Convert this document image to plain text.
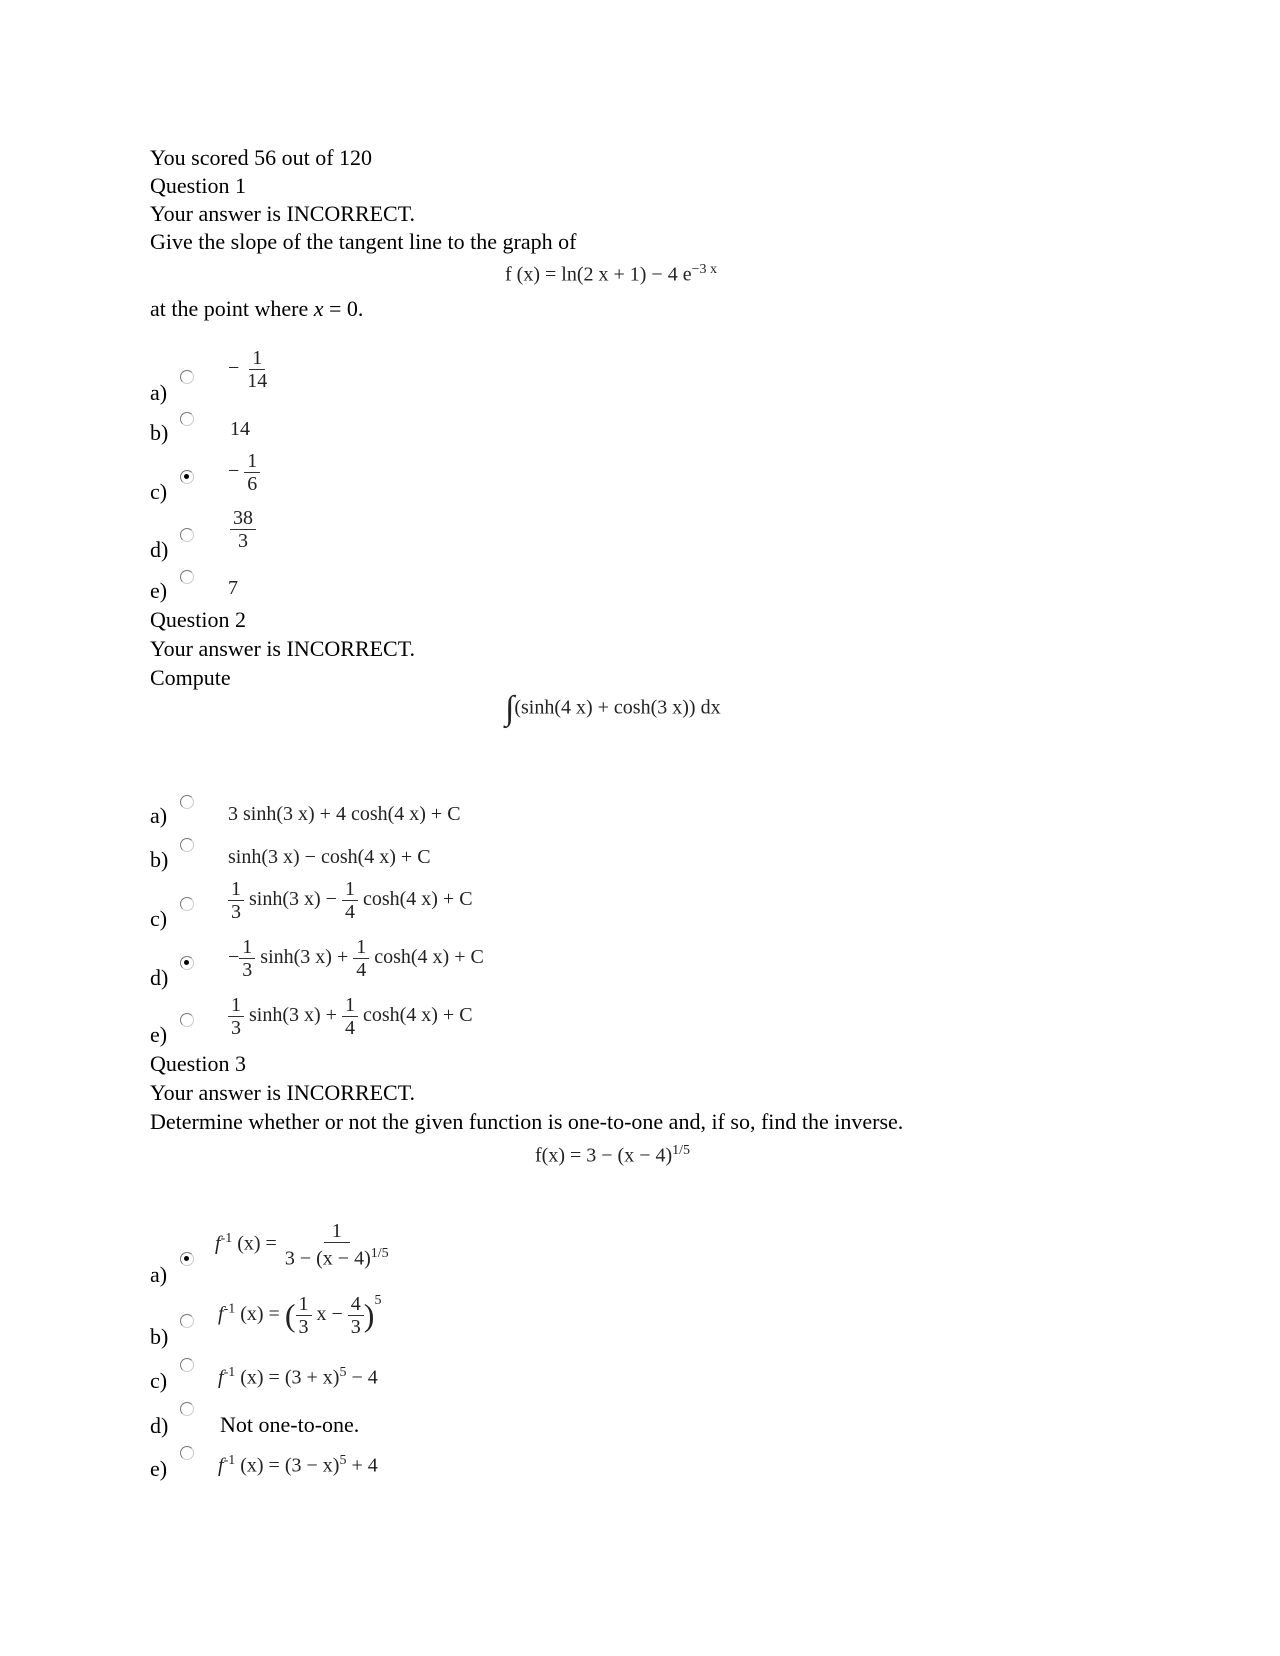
You scored 56 out of 120
Question 1
Your answer is INCORRECT.
Give the slope of the tangent line to the graph of
f (x) = ln(2 x + 1) − 4 $e^{-3 x}$
at the point where x = 0.
a)
− $\frac{1}{14}$
b)	14
c)
− $\frac{1}{6}$
d)	$\frac{38}{3}$
e)	7
Question 2
Your answer is INCORRECT.
Compute
∫(sinh(4 x) + cosh(3 x)) dx
a)	3 sinh(3 x) + 4 cosh(4 x) + C
b)	sinh(3 x) − cosh(4 x) + C
c)	$\frac{1}{3} \sinh(3$ $x) - \frac{1}{4} \cosh(4$ x) + C
d)
− $\frac{1}{3} \sinh(3$ $x) + \frac{1}{4} \cosh(4$ x) + C
e)	$\frac{1}{3} \sinh(3$ $x) + \frac{1}{4} \cosh(4$ x) + C
Question 3
Your answer is INCORRECT.
Determine whether or not the given function is one-to-one and, if so, find the inverse.
$f(x) = 3 - (x - 4)^{1/5}$
a)
$f^{-1}$ $(x) = \frac{1}{3 - (x - 4)^{1/5}}$
b)
$f^{-1}$ (x) = ( $\frac{1}{3}$ $x - \frac{4}{3} )^5$
c)	$f^{-1}$ $(x) = (3 + x)^5 - 4$
d) Not one-to-one.
e)	$f^{-1}$ $(x) = (3 - x)^5 + 4$
